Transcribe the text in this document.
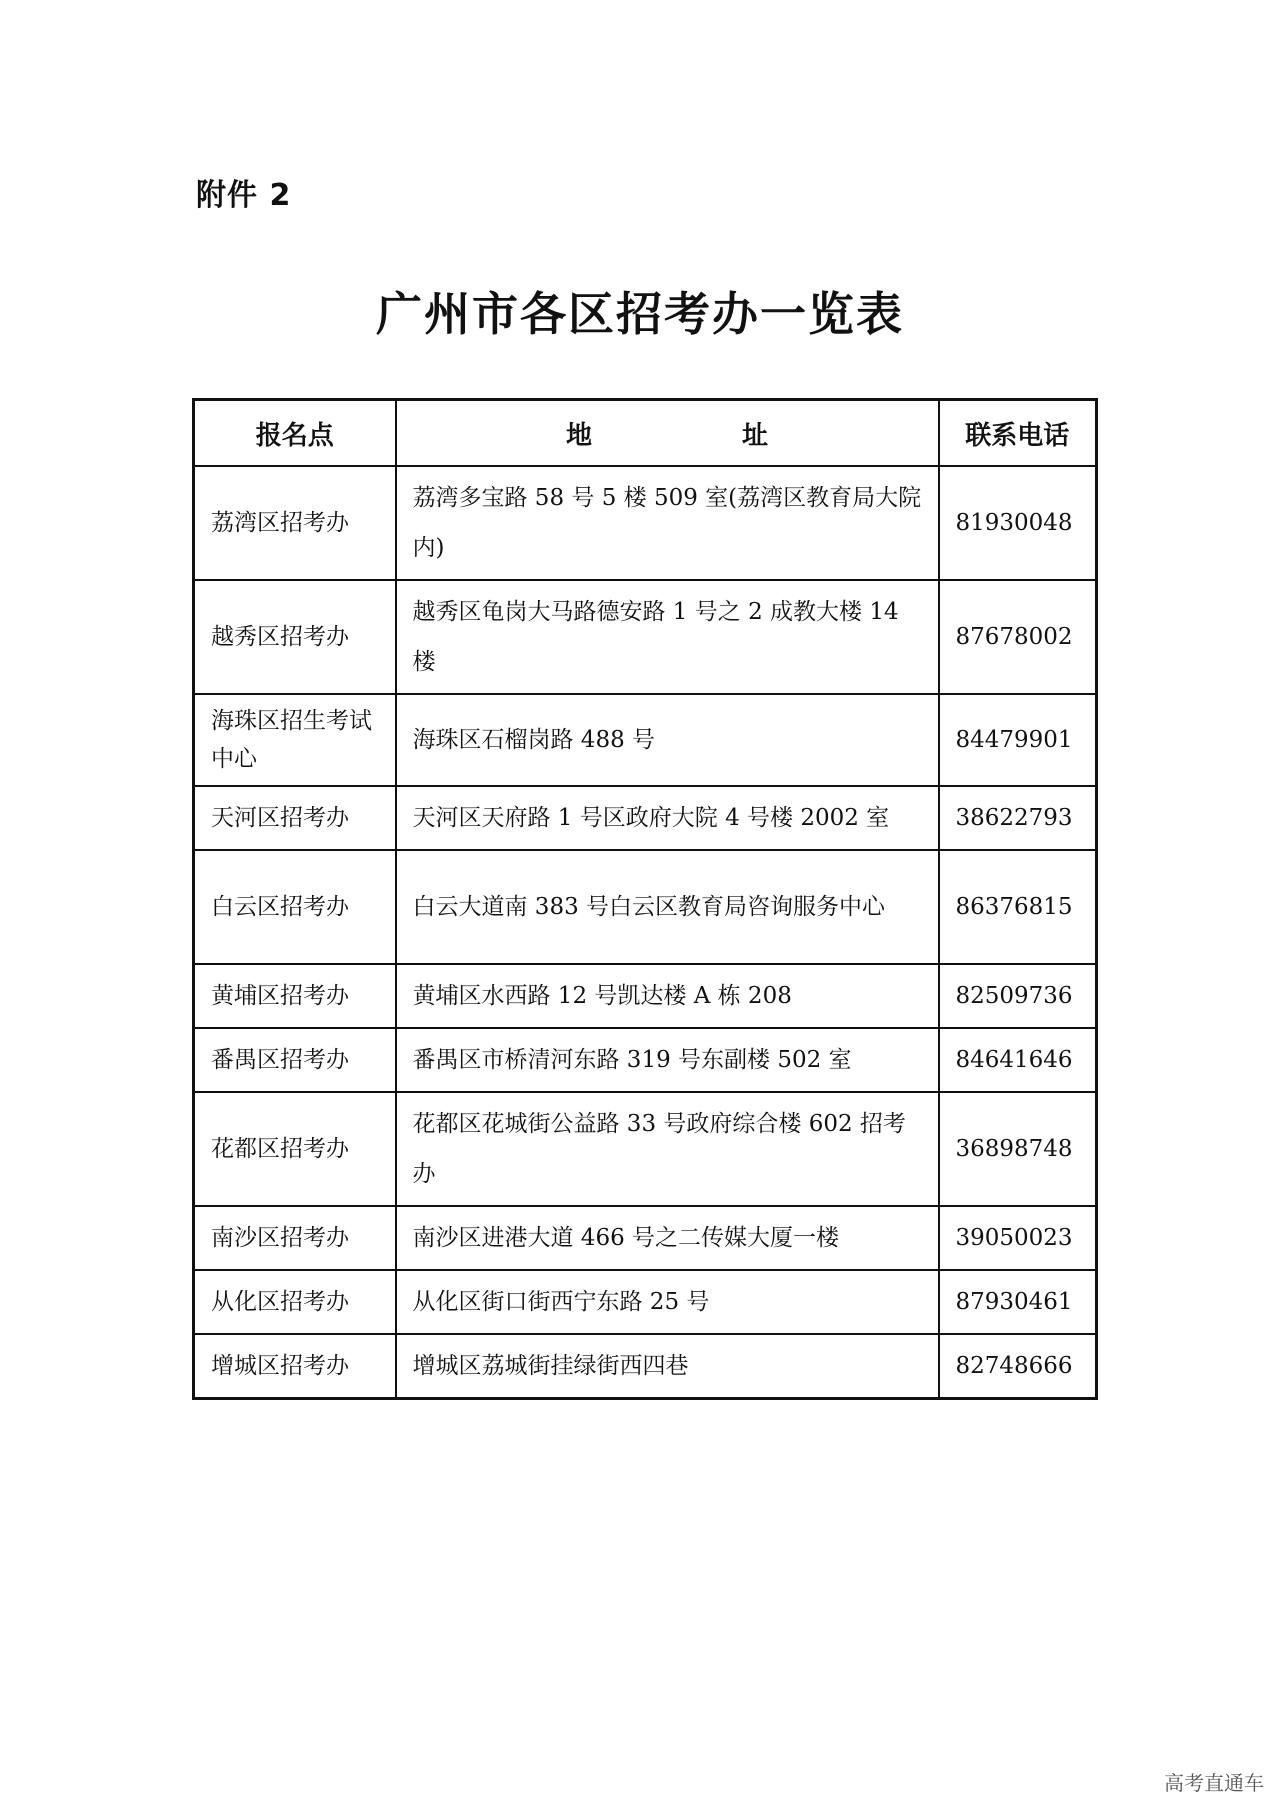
附件 2
广州市各区招考办一览表
报名点	地 址	联系电话
荔湾区招考办	荔湾多宝路 58 号 5 楼 509 室(荔湾区教育局大院内)	81930048
越秀区招考办	越秀区龟岗大马路德安路 1 号之 2 成教大楼 14 楼	87678002
海珠区招生考试中心	海珠区石榴岗路 488 号	84479901
天河区招考办	天河区天府路 1 号区政府大院 4 号楼 2002 室	38622793
白云区招考办	白云大道南 383 号白云区教育局咨询服务中心	86376815
黄埔区招考办	黄埔区水西路 12 号凯达楼 A 栋 208	82509736
番禺区招考办	番禺区市桥清河东路 319 号东副楼 502 室	84641646
花都区招考办	花都区花城街公益路 33 号政府综合楼 602 招考办	36898748
南沙区招考办	南沙区进港大道 466 号之二传媒大厦一楼	39050023
从化区招考办	从化区街口街西宁东路 25 号	87930461
增城区招考办	增城区荔城街挂绿街西四巷	82748666
高考直通车
